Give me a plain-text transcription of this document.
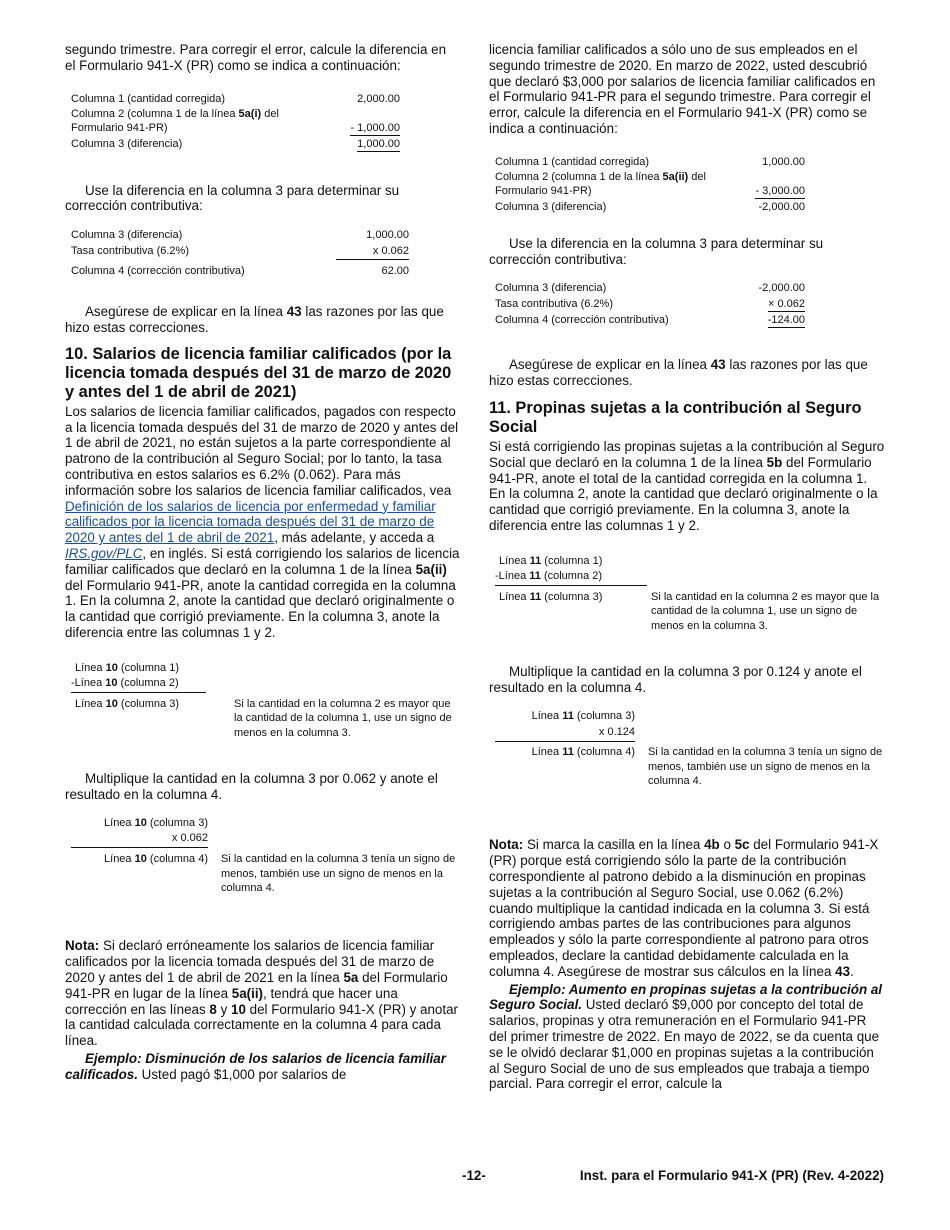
segundo trimestre. Para corregir el error, calcule la diferencia en el Formulario 941-X (PR) como se indica a continuación:

Columna 1 (cantidad corregida)	2,000.00
Columna 2 (columna 1 de la línea 5a(i) del
Formulario 941-PR)	- 1,000.00
Columna 3 (diferencia)	1,000.00

Use la diferencia en la columna 3 para determinar su corrección contributiva:

Columna 3 (diferencia)	1,000.00
Tasa contributiva (6.2%)	x 0.062
Columna 4 (corrección contributiva)	62.00

Asegúrese de explicar en la línea 43 las razones por las que hizo estas correcciones.

10. Salarios de licencia familiar calificados (por la licencia tomada después del 31 de marzo de 2020 y antes del 1 de abril de 2021)

Los salarios de licencia familiar calificados, pagados con respecto a la licencia tomada después del 31 de marzo de 2020 y antes del 1 de abril de 2021, no están sujetos a la parte correspondiente al patrono de la contribución al Seguro Social; por lo tanto, la tasa contributiva en estos salarios es 6.2% (0.062). Para más información sobre los salarios de licencia familiar calificados, vea Definición de los salarios de licencia por enfermedad y familiar calificados por la licencia tomada después del 31 de marzo de 2020 y antes del 1 de abril de 2021, más adelante, y acceda a IRS.gov/PLC, en inglés. Si está corrigiendo los salarios de licencia familiar calificados que declaró en la columna 1 de la línea 5a(ii) del Formulario 941-PR, anote la cantidad corregida en la columna 1. En la columna 2, anote la cantidad que declaró originalmente o la cantidad que corrigió previamente. En la columna 3, anote la diferencia entre las columnas 1 y 2.

Línea 10 (columna 1)
-Línea 10 (columna 2)
Línea 10 (columna 3)	Si la cantidad en la columna 2 es mayor que la cantidad de la columna 1, use un signo de menos en la columna 3.

Multiplique la cantidad en la columna 3 por 0.062 y anote el resultado en la columna 4.

Línea 10 (columna 3)
x 0.062
Línea 10 (columna 4) Si la cantidad en la columna 3 tenía un signo de menos, también use un signo de menos en la columna 4.

Nota: Si declaró erróneamente los salarios de licencia familiar calificados por la licencia tomada después del 31 de marzo de 2020 y antes del 1 de abril de 2021 en la línea 5a del Formulario 941-PR en lugar de la línea 5a(ii), tendrá que hacer una corrección en las líneas 8 y 10 del Formulario 941-X (PR) y anotar la cantidad calculada correctamente en la columna 4 para cada línea.

Ejemplo: Disminución de los salarios de licencia familiar calificados. Usted pagó $1,000 por salarios de

licencia familiar calificados a sólo uno de sus empleados en el segundo trimestre de 2020. En marzo de 2022, usted descubrió que declaró $3,000 por salarios de licencia familiar calificados en el Formulario 941-PR para el segundo trimestre. Para corregir el error, calcule la diferencia en el Formulario 941-X (PR) como se indica a continuación:

Columna 1 (cantidad corregida)	1,000.00
Columna 2 (columna 1 de la línea 5a(ii) del
Formulario 941-PR)	- 3,000.00
Columna 3 (diferencia)	-2,000.00

Use la diferencia en la columna 3 para determinar su corrección contributiva:

Columna 3 (diferencia)	-2,000.00
Tasa contributiva (6.2%)	× 0.062
Columna 4 (corrección contributiva)	-124.00

Asegúrese de explicar en la línea 43 las razones por las que hizo estas correcciones.

11. Propinas sujetas a la contribución al Seguro Social

Si está corrigiendo las propinas sujetas a la contribución al Seguro Social que declaró en la columna 1 de la línea 5b del Formulario 941-PR, anote el total de la cantidad corregida en la columna 1. En la columna 2, anote la cantidad que declaró originalmente o la cantidad que corrigió previamente. En la columna 3, anote la diferencia entre las columnas 1 y 2.

Línea 11 (columna 1)
-Línea 11 (columna 2)
Línea 11 (columna 3)	Si la cantidad en la columna 2 es mayor que la cantidad de la columna 1, use un signo de menos en la columna 3.

Multiplique la cantidad en la columna 3 por 0.124 y anote el resultado en la columna 4.

Línea 11 (columna 3)
x 0.124
Línea 11 (columna 4) Si la cantidad en la columna 3 tenía un signo de menos, también use un signo de menos en la columna 4.

Nota: Si marca la casilla en la línea 4b o 5c del Formulario 941-X (PR) porque está corrigiendo sólo la parte de la contribución correspondiente al patrono debido a la disminución en propinas sujetas a la contribución al Seguro Social, use 0.062 (6.2%) cuando multiplique la cantidad indicada en la columna 3. Si está corrigiendo ambas partes de las contribuciones para algunos empleados y sólo la parte correspondiente al patrono para otros empleados, declare la cantidad debidamente calculada en la columna 4. Asegúrese de mostrar sus cálculos en la línea 43.

Ejemplo: Aumento en propinas sujetas a la contribución al Seguro Social. Usted declaró $9,000 por concepto del total de salarios, propinas y otra remuneración en el Formulario 941-PR del primer trimestre de 2022. En mayo de 2022, se da cuenta que se le olvidó declarar $1,000 en propinas sujetas a la contribución al Seguro Social de uno de sus empleados que trabaja a tiempo parcial. Para corregir el error, calcule la

-12-	Inst. para el Formulario 941-X (PR) (Rev. 4-2022)
